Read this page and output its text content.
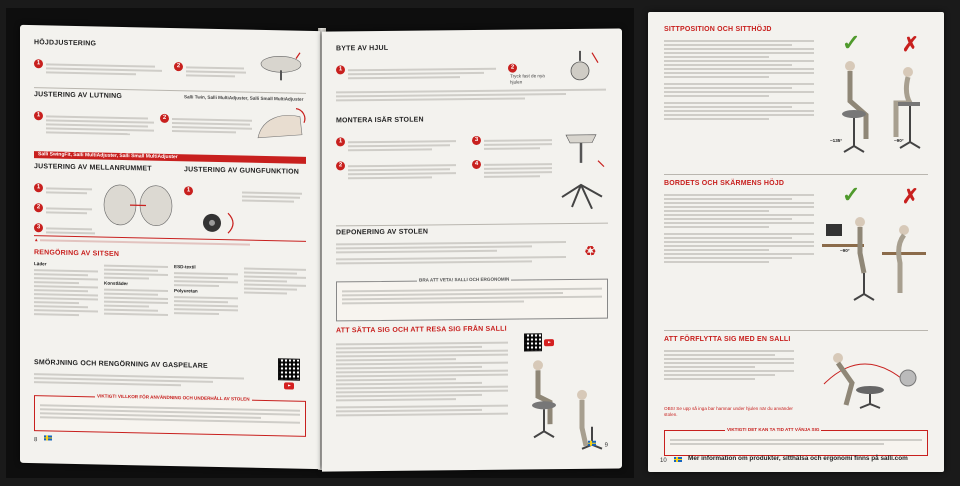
HÖJDJUSTERING
1	2
JUSTERING AV LUTNING	Salli Twin, Salli MultiAdjuster, Salli Small MultiAdjuster
1	2
Salli SwingFit, Salli MultiAdjuster, Salli Small MultiAdjuster
JUSTERING AV MELLANRUMMET
1
2
3
JUSTERING AV GUNGFUNKTION
1
▲
RENGÖRING AV SITSEN
Läder
Konstläder
ESD-textil
Polyuretan
SMÖRJNING OCH RENGÖRNING AV GASPELARE
VIKTIGT! VILLKOR FÖR ANVÄNDNING OCH UNDERHÅLL AV STOLEN
8
BYTE AV HJUL
1	2 Tryck fast de nya hjulen
MONTERA ISÄR STOLEN
1
2
3
4
DEPONERING AV STOLEN
♻
BRA ATT VETA! SALLI OCH ERGONOMIN
ATT SÄTTA SIG OCH ATT RESA SIG FRÅN SALLI
9
SITTPOSITION OCH SITTHÖJD
✓ ✗
~135°	~90°
BORDETS OCH SKÄRMENS HÖJD	✓ ✗
~90°
ATT FÖRFLYTTA SIG MED EN SALLI
OBS! Se upp så inga bar hamnar under hjulen när du använder stolen.
VIKTIGT! DET KAN TA TID ATT VÄNJA SIG
10	Mer information om produkter, sitthälsa och ergonomi finns på salli.com
